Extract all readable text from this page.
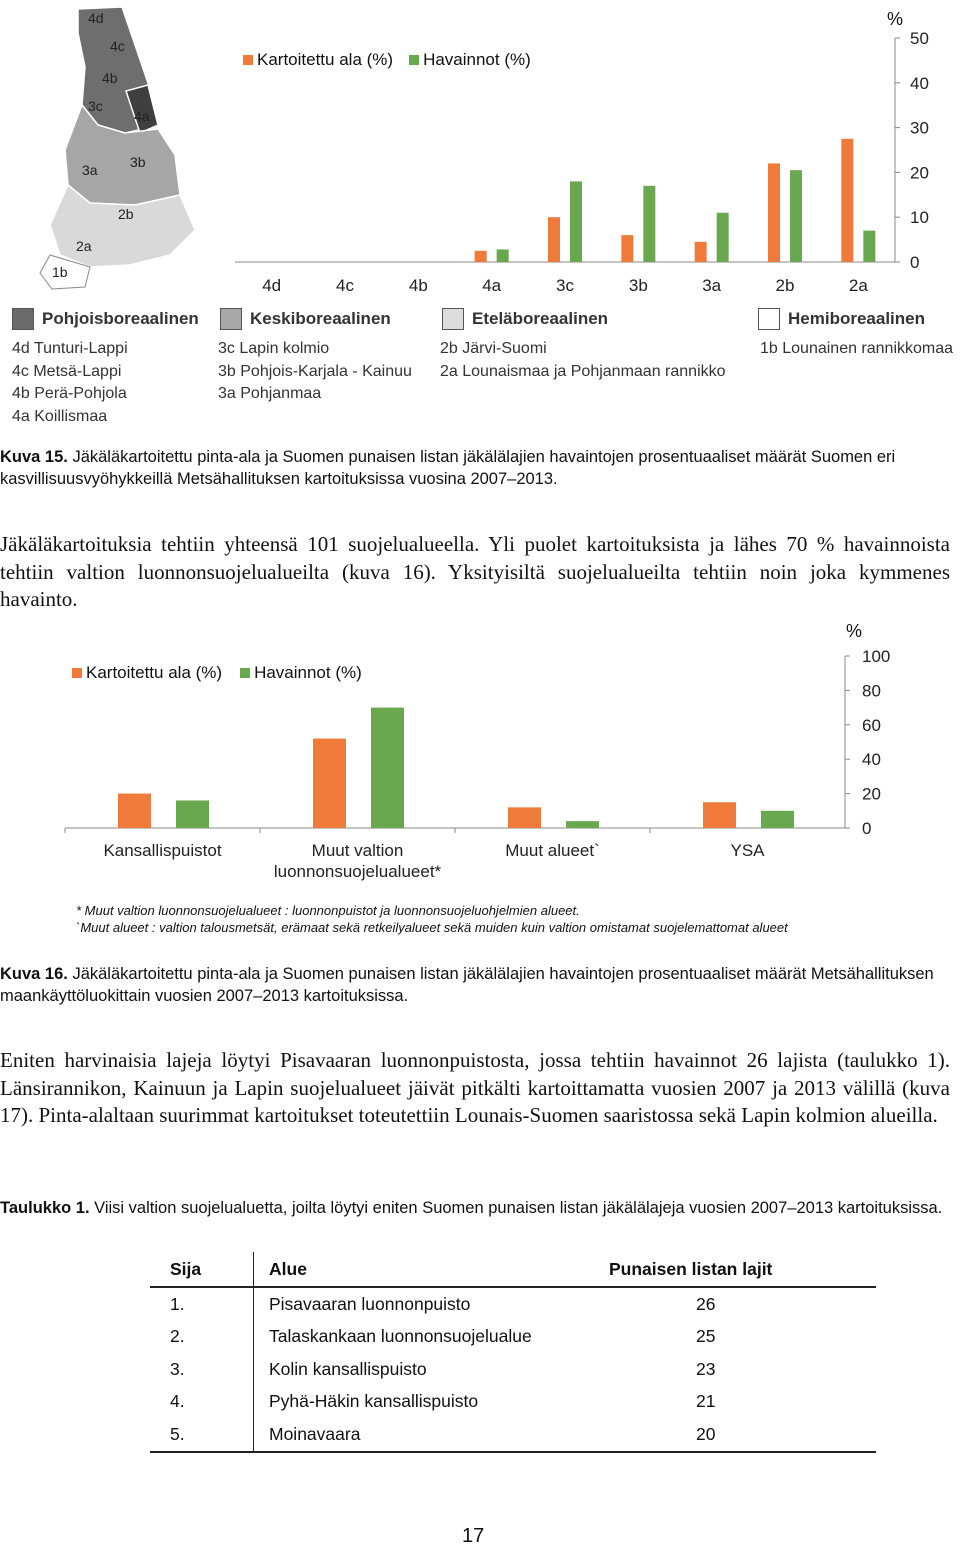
4d
4c
4b
4a
3c
3b
3a
2b
2a
1b
Kartoitettu ala (%) Havainnot (%)
%
0
10
20
30
40
50
4d	4c	4b	4a	3c	3b	3a	2b	2a
Pohjoisboreaalinen
4d Tunturi-Lappi
4c Metsä-Lappi
4b Perä-Pohjola
4a Koillismaa
Keskiboreaalinen
3c Lapin kolmio
3b Pohjois-Karjala - Kainuu
3a Pohjanmaa
Eteläboreaalinen
2b Järvi-Suomi
2a Lounaismaa ja Pohjanmaan rannikko
Hemiboreaalinen
1b Lounainen rannikkomaa
Kuva 15. Jäkäläkartoitettu pinta-ala ja Suomen punaisen listan jäkälälajien havaintojen prosentuaaliset määrät Suomen eri kasvillisuusvyöhykkeillä Metsähallituksen kartoituksissa vuosina 2007–2013.
Jäkäläkartoituksia tehtiin yhteensä 101 suojelualueella. Yli puolet kartoituksista ja lähes 70 % havainnoista tehtiin valtion luonnonsuojelualueilta (kuva 16). Yksityisiltä suojelualueilta tehtiin noin joka kymmenes havainto.
Kartoitettu ala (%) Havainnot (%)
%
0
20
40
60
80
100
Kansallispuistot	Muut valtion
luonnonsuojelualueet*
Muut alueet`	YSA
* Muut valtion luonnonsuojelualueet : luonnonpuistot ja luonnonsuojeluohjelmien alueet.
`Muut alueet : valtion talousmetsät, erämaat sekä retkeilyalueet sekä muiden kuin valtion omistamat suojelemattomat alueet
Kuva 16. Jäkäläkartoitettu pinta-ala ja Suomen punaisen listan jäkälälajien havaintojen prosentuaaliset määrät Metsähallituksen maankäyttöluokittain vuosien 2007–2013 kartoituksissa.
Eniten harvinaisia lajeja löytyi Pisavaaran luonnonpuistosta, jossa tehtiin havainnot 26 lajista (taulukko 1). Länsirannikon, Kainuun ja Lapin suojelualueet jäivät pitkälti kartoittamatta vuosien 2007 ja 2013 välillä (kuva 17). Pinta-alaltaan suurimmat kartoitukset toteutettiin Lounais-Suomen saaristossa sekä Lapin kolmion alueilla.
Taulukko 1. Viisi valtion suojelualuetta, joilta löytyi eniten Suomen punaisen listan jäkälälajeja vuosien 2007–2013 kartoituksissa.
Sija	Alue	Punaisen listan lajit
1.	Pisavaaran luonnonpuisto	26
2.	Talaskankaan luonnonsuojelualue	25
3.	Kolin kansallispuisto	23
4.	Pyhä-Häkin kansallispuisto	21
5.	Moinavaara	20
17
